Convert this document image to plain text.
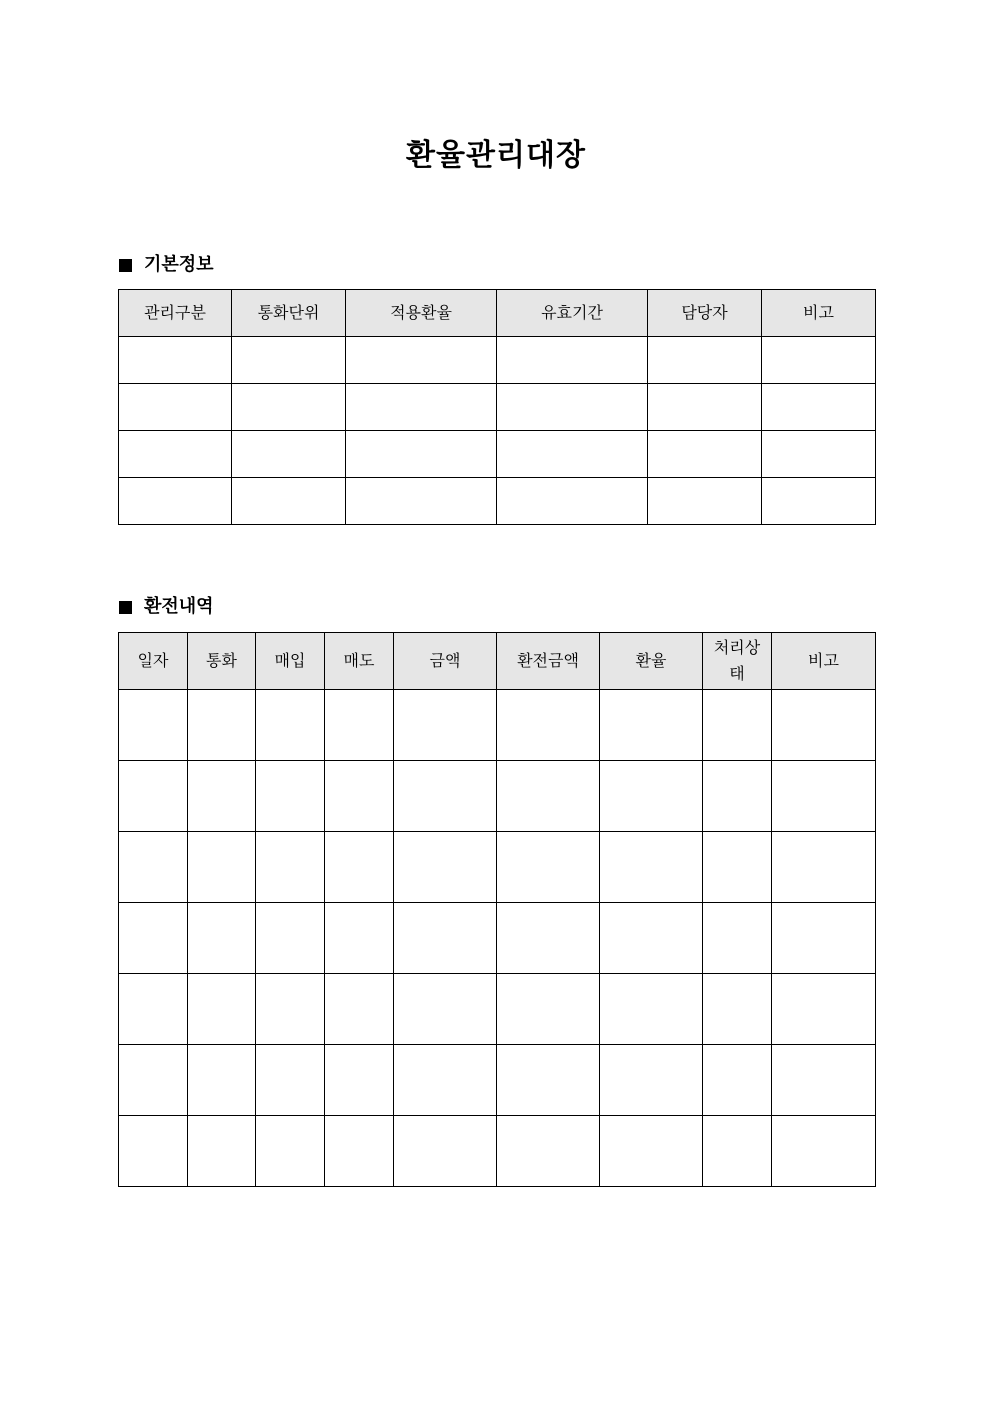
환율관리대장
기본정보
관리구분	통화단위	적용환율	유효기간	담당자	비고

환전내역
일자	통화	매입	매도	금액	환전금액	환율	처리상태	비고
